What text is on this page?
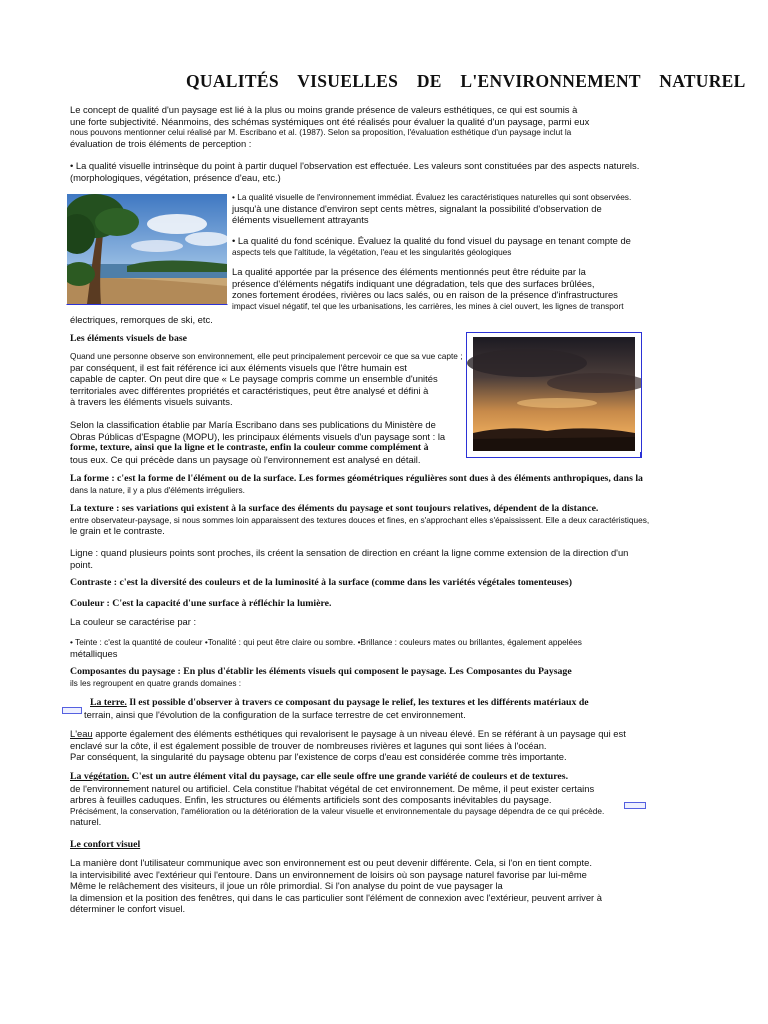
QUALITÉS VISUELLES DE L'ENVIRONNEMENT NATUREL
Le concept de qualité d'un paysage est lié à la plus ou moins grande présence de valeurs esthétiques, ce qui est soumis à
une forte subjectivité. Néanmoins, des schémas systémiques ont été réalisés pour évaluer la qualité d'un paysage, parmi eux
nous pouvons mentionner celui réalisé par M. Escribano et al. (1987). Selon sa proposition, l'évaluation esthétique d'un paysage inclut la
évaluation de trois éléments de perception :
• La qualité visuelle intrinsèque du point à partir duquel l'observation est effectuée. Les valeurs sont constituées par des aspects naturels.
(morphologiques, végétation, présence d'eau, etc.)
• La qualité visuelle de l'environnement immédiat. Évaluez les caractéristiques naturelles qui sont observées.
jusqu'à une distance d'environ sept cents mètres, signalant la possibilité d'observation de
éléments visuellement attrayants
• La qualité du fond scénique. Évaluez la qualité du fond visuel du paysage en tenant compte de
aspects tels que l'altitude, la végétation, l'eau et les singularités géologiques
La qualité apportée par la présence des éléments mentionnés peut être réduite par la
présence d'éléments négatifs indiquant une dégradation, tels que des surfaces brûlées,
zones fortement érodées, rivières ou lacs salés, ou en raison de la présence d'infrastructures
impact visuel négatif, tel que les urbanisations, les carrières, les mines à ciel ouvert, les lignes de transport
électriques, remorques de ski, etc.
Les éléments visuels de base
Quand une personne observe son environnement, elle peut principalement percevoir ce que sa vue capte ;
par conséquent, il est fait référence ici aux éléments visuels que l'être humain est
capable de capter. On peut dire que « Le paysage compris comme un ensemble d'unités
territoriales avec différentes propriétés et caractéristiques, peut être analysé et défini à
à travers les éléments visuels suivants.
Selon la classification établie par María Escribano dans ses publications du Ministère de
Obras Públicas d'Espagne (MOPU), les principaux éléments visuels d'un paysage sont : la
forme, texture, ainsi que la ligne et le contraste, enfin la couleur comme complément à
tous eux. Ce qui précède dans un paysage où l'environnement est analysé en détail.
La forme : c'est la forme de l'élément ou de la surface. Les formes géométriques régulières sont dues à des éléments anthropiques, dans la
dans la nature, il y a plus d'éléments irréguliers.
La texture : ses variations qui existent à la surface des éléments du paysage et sont toujours relatives, dépendent de la distance.
entre observateur-paysage, si nous sommes loin apparaissent des textures douces et fines, en s'approchant elles s'épaississent. Elle a deux caractéristiques,
le grain et le contraste.
Ligne : quand plusieurs points sont proches, ils créent la sensation de direction en créant la ligne comme extension de la direction d'un
point.
Contraste : c'est la diversité des couleurs et de la luminosité à la surface (comme dans les variétés végétales tomenteuses)
Couleur : C'est la capacité d'une surface à réfléchir la lumière.
La couleur se caractérise par :
• Teinte : c'est la quantité de couleur •Tonalité : qui peut être claire ou sombre. •Brillance : couleurs mates ou brillantes, également appelées
métalliques
Composantes du paysage : En plus d'établir les éléments visuels qui composent le paysage. Les Composantes du Paysage
ils les regroupent en quatre grands domaines :
La terre. Il est possible d'observer à travers ce composant du paysage le relief, les textures et les différents matériaux de
terrain, ainsi que l'évolution de la configuration de la surface terrestre de cet environnement.
L'eau apporte également des éléments esthétiques qui revalorisent le paysage à un niveau élevé. En se référant à un paysage qui est
enclavé sur la côte, il est également possible de trouver de nombreuses rivières et lagunes qui sont liées à l'océan.
Par conséquent, la singularité du paysage obtenu par l'existence de corps d'eau est considérée comme très importante.
La végétation. C'est un autre élément vital du paysage, car elle seule offre une grande variété de couleurs et de textures.
de l'environnement naturel ou artificiel. Cela constitue l'habitat végétal de cet environnement. De même, il peut exister certains
arbres à feuilles caduques. Enfin, les structures ou éléments artificiels sont des composants inévitables du paysage.
Précisément, la conservation, l'amélioration ou la détérioration de la valeur visuelle et environnementale du paysage dépendra de ce qui précède.
naturel.
Le confort visuel
La manière dont l'utilisateur communique avec son environnement est ou peut devenir différente. Cela, si l'on en tient compte.
la intervisibilité avec l'extérieur qui l'entoure. Dans un environnement de loisirs où son paysage naturel favorise par lui-même
Même le relâchement des visiteurs, il joue un rôle primordial. Si l'on analyse du point de vue paysager la
la dimension et la position des fenêtres, qui dans le cas particulier sont l'élément de connexion avec l'extérieur, peuvent arriver à
déterminer le confort visuel.
